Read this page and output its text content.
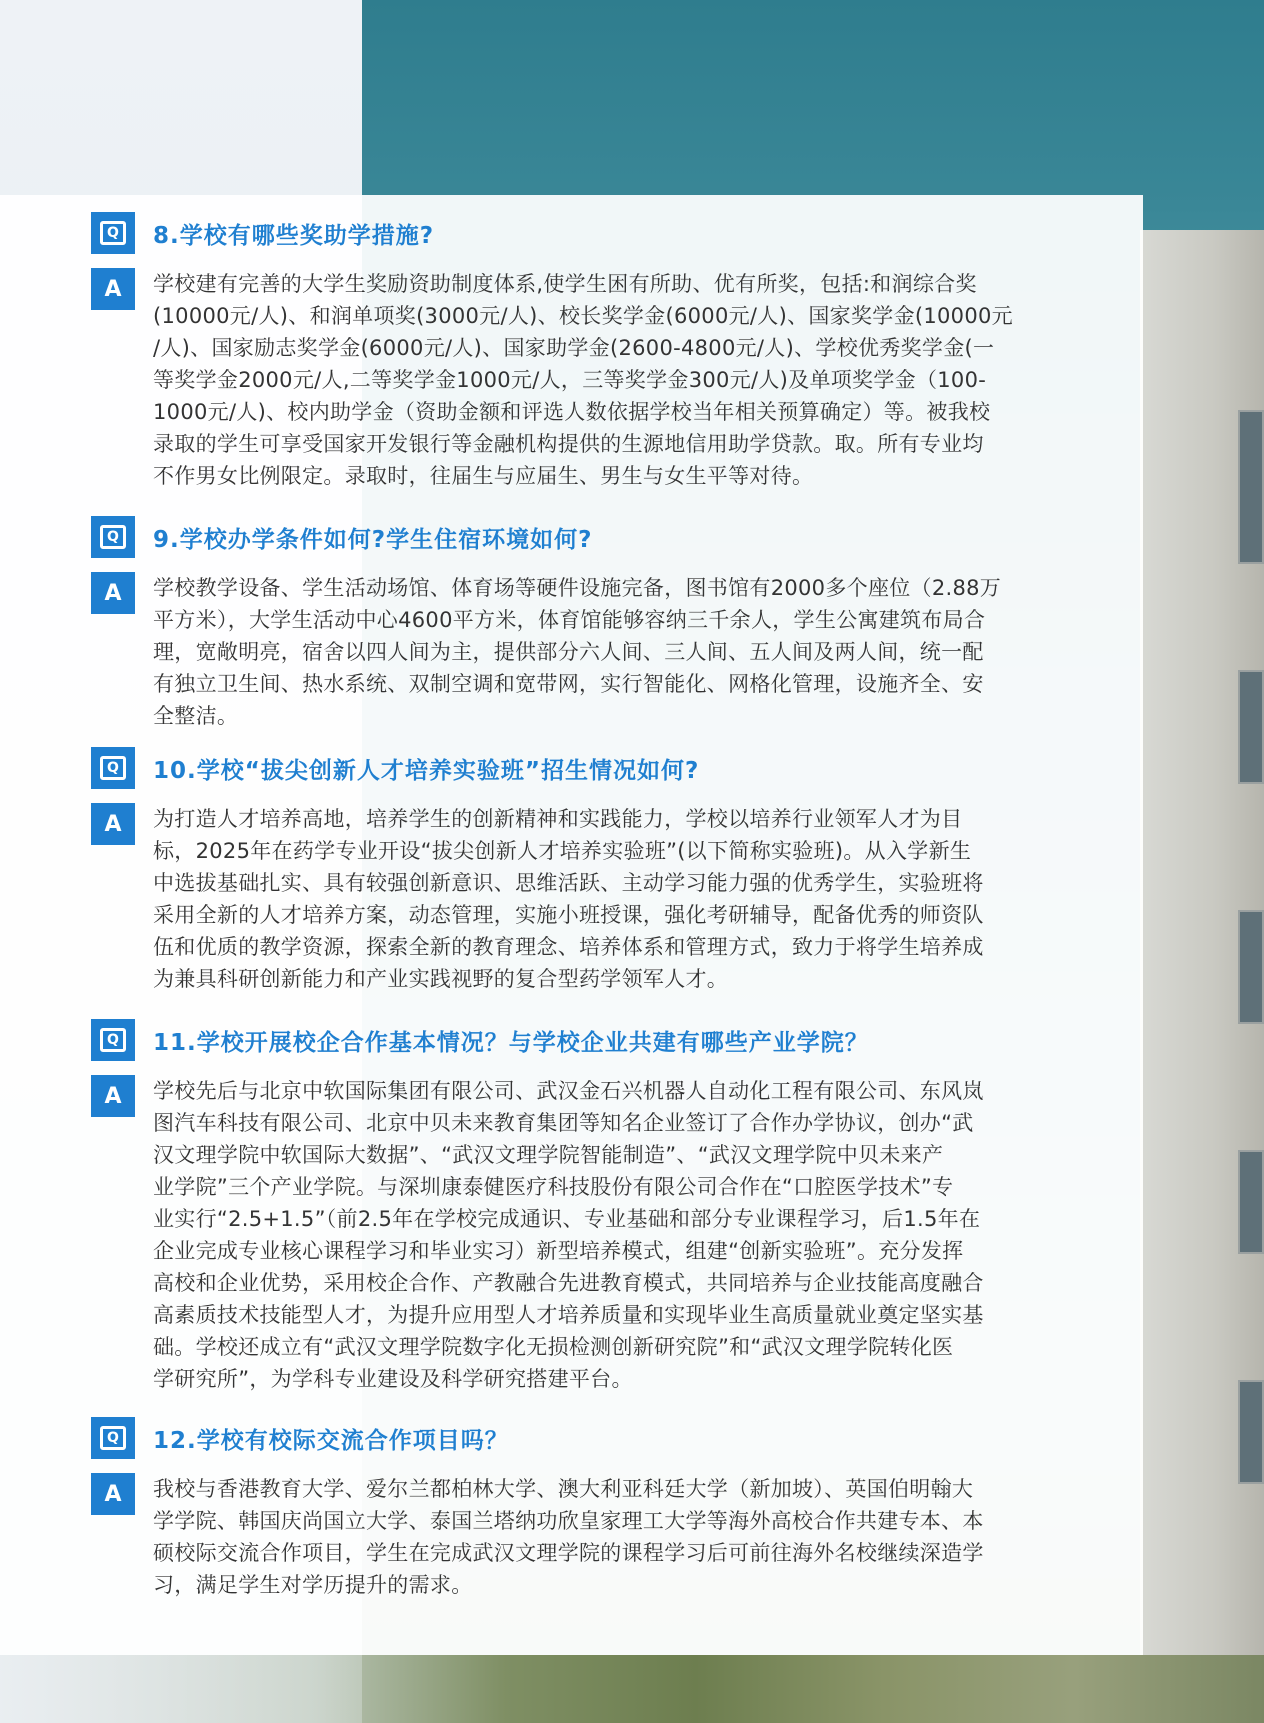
Q	8.学校有哪些奖助学措施?
A	学校建有完善的大学生奖励资助制度体系,使学生困有所助、优有所奖，包括:和润综合奖
(10000元/人)、和润单项奖(3000元/人)、校长奖学金(6000元/人)、国家奖学金(10000元
/人)、国家励志奖学金(6000元/人)、国家助学金(2600-4800元/人)、学校优秀奖学金(一
等奖学金2000元/人,二等奖学金1000元/人，三等奖学金300元/人)及单项奖学金（100-
1000元/人)、校内助学金（资助金额和评选人数依据学校当年相关预算确定）等。被我校
录取的学生可享受国家开发银行等金融机构提供的生源地信用助学贷款。取。所有专业均
不作男女比例限定。录取时，往届生与应届生、男生与女生平等对待。
Q	9.学校办学条件如何?学生住宿环境如何?
A	学校教学设备、学生活动场馆、体育场等硬件设施完备，图书馆有2000多个座位（2.88万
平方米），大学生活动中心4600平方米，体育馆能够容纳三千余人，学生公寓建筑布局合
理，宽敞明亮，宿舍以四人间为主，提供部分六人间、三人间、五人间及两人间，统一配
有独立卫生间、热水系统、双制空调和宽带网，实行智能化、网格化管理，设施齐全、安
全整洁。
Q	10.学校“拔尖创新人才培养实验班”招生情况如何?
A	为打造人才培养高地，培养学生的创新精神和实践能力，学校以培养行业领军人才为目
标，2025年在药学专业开设“拔尖创新人才培养实验班”(以下简称实验班)。从入学新生
中选拔基础扎实、具有较强创新意识、思维活跃、主动学习能力强的优秀学生，实验班将
采用全新的人才培养方案，动态管理，实施小班授课，强化考研辅导，配备优秀的师资队
伍和优质的教学资源，探索全新的教育理念、培养体系和管理方式，致力于将学生培养成
为兼具科研创新能力和产业实践视野的复合型药学领军人才。
Q	11.学校开展校企合作基本情况？与学校企业共建有哪些产业学院？
A	学校先后与北京中软国际集团有限公司、武汉金石兴机器人自动化工程有限公司、东风岚
图汽车科技有限公司、北京中贝未来教育集团等知名企业签订了合作办学协议，创办“武
汉文理学院中软国际大数据”、“武汉文理学院智能制造”、“武汉文理学院中贝未来产
业学院”三个产业学院。与深圳康泰健医疗科技股份有限公司合作在“口腔医学技术”专
业实行“2.5+1.5”（前2.5年在学校完成通识、专业基础和部分专业课程学习，后1.5年在
企业完成专业核心课程学习和毕业实习）新型培养模式，组建“创新实验班”。充分发挥
高校和企业优势，采用校企合作、产教融合先进教育模式，共同培养与企业技能高度融合
高素质技术技能型人才，为提升应用型人才培养质量和实现毕业生高质量就业奠定坚实基
础。学校还成立有“武汉文理学院数字化无损检测创新研究院”和“武汉文理学院转化医
学研究所”，为学科专业建设及科学研究搭建平台。
Q	12.学校有校际交流合作项目吗？
A	我校与香港教育大学、爱尔兰都柏林大学、澳大利亚科廷大学（新加坡）、英国伯明翰大
学学院、韩国庆尚国立大学、泰国兰塔纳功欣皇家理工大学等海外高校合作共建专本、本
硕校际交流合作项目，学生在完成武汉文理学院的课程学习后可前往海外名校继续深造学
习，满足学生对学历提升的需求。
